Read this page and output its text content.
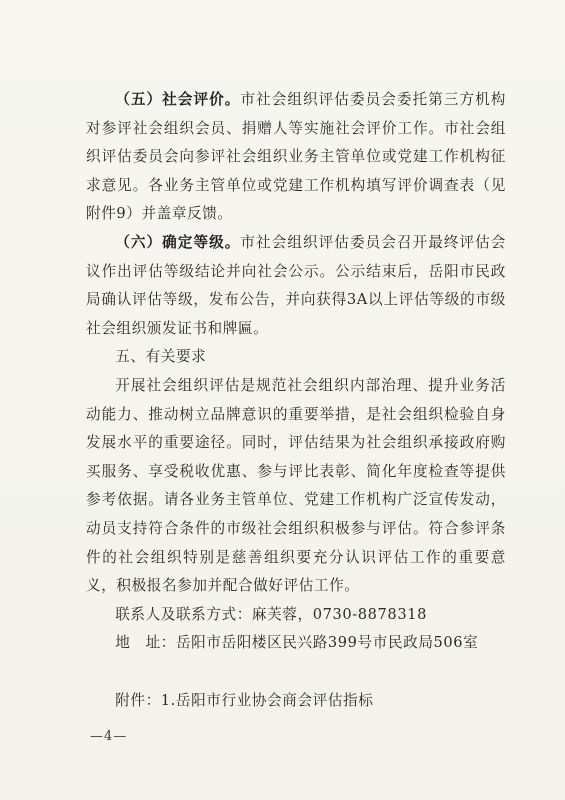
（五）社会评价。市社会组织评估委员会委托第三方机构对参评社会组织会员、捐赠人等实施社会评价工作。市社会组织评估委员会向参评社会组织业务主管单位或党建工作机构征求意见。各业务主管单位或党建工作机构填写评价调查表（见附件9）并盖章反馈。

（六）确定等级。市社会组织评估委员会召开最终评估会议作出评估等级结论并向社会公示。公示结束后，岳阳市民政局确认评估等级，发布公告，并向获得3A以上评估等级的市级社会组织颁发证书和牌匾。

五、有关要求

开展社会组织评估是规范社会组织内部治理、提升业务活动能力、推动树立品牌意识的重要举措，是社会组织检验自身发展水平的重要途径。同时，评估结果为社会组织承接政府购买服务、享受税收优惠、参与评比表彰、简化年度检查等提供参考依据。请各业务主管单位、党建工作机构广泛宣传发动，动员支持符合条件的市级社会组织积极参与评估。符合参评条件的社会组织特别是慈善组织要充分认识评估工作的重要意义，积极报名参加并配合做好评估工作。

联系人及联系方式：麻芙蓉，0730-8878318

地　址：岳阳市岳阳楼区民兴路399号市民政局506室

附件：1.岳阳市行业协会商会评估指标

—4—
